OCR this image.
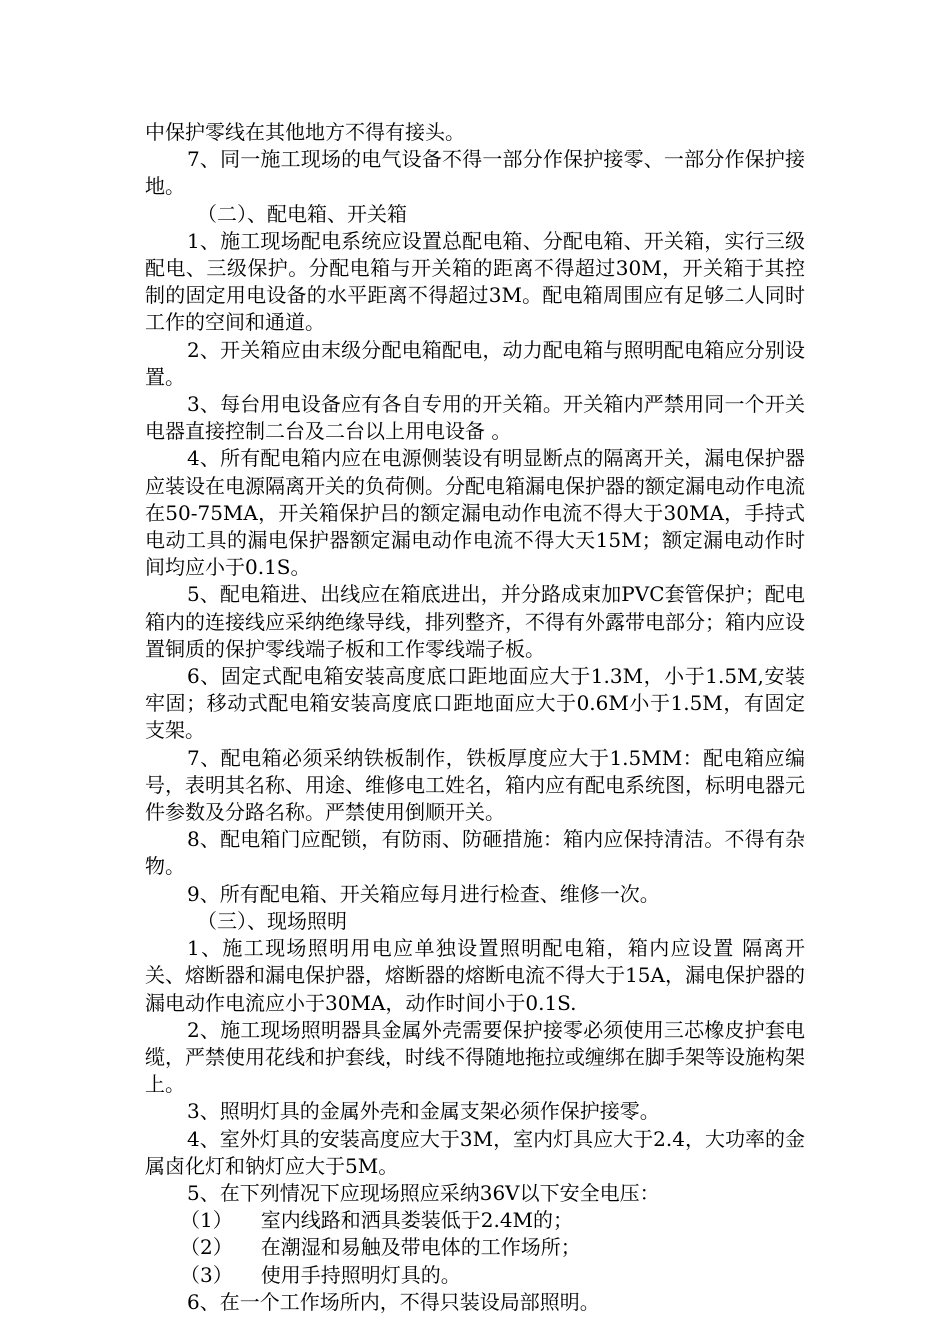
中保护零线在其他地方不得有接头。

7、同一施工现场的电气设备不得一部分作保护接零、一部分作保护接地。

（二）、配电箱、开关箱

1、施工现场配电系统应设置总配电箱、分配电箱、开关箱，实行三级配电、三级保护。分配电箱与开关箱的距离不得超过30M，开关箱于其控制的固定用电设备的水平距离不得超过3M。配电箱周围应有足够二人同时工作的空间和通道。

2、开关箱应由末级分配电箱配电，动力配电箱与照明配电箱应分别设置。

3、每台用电设备应有各自专用的开关箱。开关箱内严禁用同一个开关电器直接控制二台及二台以上用电设备 。

4、所有配电箱内应在电源侧装设有明显断点的隔离开关，漏电保护器应装设在电源隔离开关的负荷侧。分配电箱漏电保护器的额定漏电动作电流在50-75MA，开关箱保护吕的额定漏电动作电流不得大于30MA，手持式电动工具的漏电保护器额定漏电动作电流不得大天15M；额定漏电动作时间均应小于0.1S。

5、配电箱进、出线应在箱底进出，并分路成束加PVC套管保护；配电箱内的连接线应采纳绝缘导线，排列整齐，不得有外露带电部分；箱内应设置铜质的保护零线端子板和工作零线端子板。

6、固定式配电箱安装高度底口距地面应大于1.3M，小于1.5M,安装牢固；移动式配电箱安装高度底口距地面应大于0.6M小于1.5M，有固定支架。

7、配电箱必须采纳铁板制作，铁板厚度应大于1.5MM：配电箱应编号，表明其名称、用途、维修电工姓名，箱内应有配电系统图，标明电器元件参数及分路名称。严禁使用倒顺开关。

8、配电箱门应配锁，有防雨、防砸措施：箱内应保持清洁。不得有杂物。

9、所有配电箱、开关箱应每月进行检查、维修一次。

（三）、现场照明

1、施工现场照明用电应单独设置照明配电箱，箱内应设置 隔离开关、熔断器和漏电保护器，熔断器的熔断电流不得大于15A，漏电保护器的漏电动作电流应小于30MA，动作时间小于0.1S.

2、施工现场照明器具金属外壳需要保护接零必须使用三芯橡皮护套电缆，严禁使用花线和护套线，时线不得随地拖拉或缠绑在脚手架等设施构架上。

3、照明灯具的金属外壳和金属支架必须作保护接零。

4、室外灯具的安装高度应大于3M，室内灯具应大于2.4，大功率的金属卤化灯和钠灯应大于5M。

5、在下列情况下应现场照应采纳36V以下安全电压：

（1） 室内线路和洒具娄装低于2.4M的；
（2） 在潮湿和易触及带电体的工作场所；
（3） 使用手持照明灯具的。

6、在一个工作场所内，不得只装设局部照明。
